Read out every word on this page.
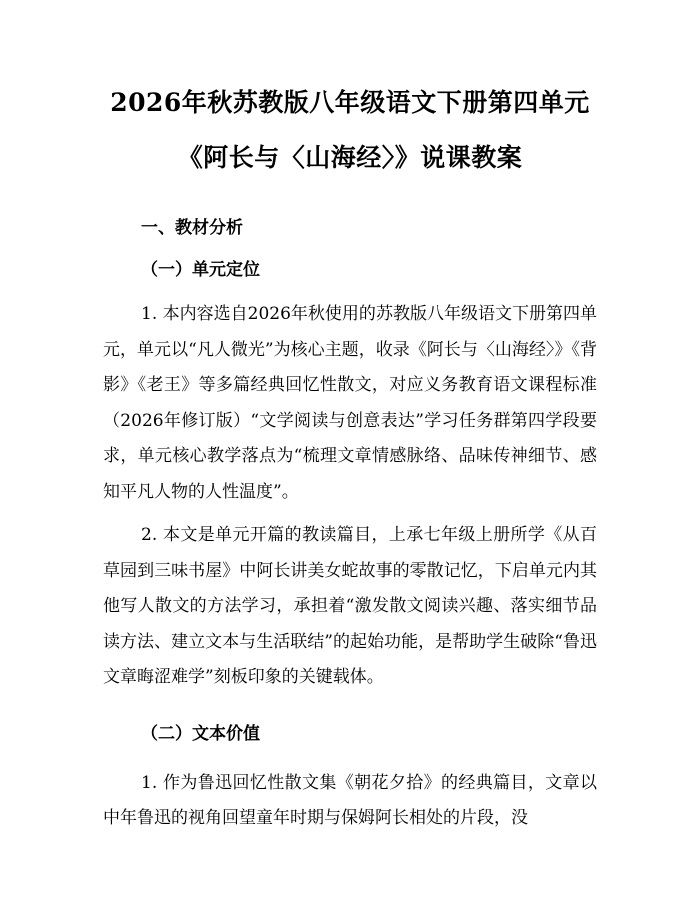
2026年秋苏教版八年级语文下册第四单元
《阿长与〈山海经〉》说课教案
一、教材分析
（一）单元定位

1. 本内容选自2026年秋使用的苏教版八年级语文下册第四单元，单元以“凡人微光”为核心主题，收录《阿长与〈山海经〉》《背影》《老王》等多篇经典回忆性散文，对应义务教育语文课程标准（2026年修订版）“文学阅读与创意表达”学习任务群第四学段要求，单元核心教学落点为“梳理文章情感脉络、品味传神细节、感知平凡人物的人性温度”。

2. 本文是单元开篇的教读篇目，上承七年级上册所学《从百草园到三味书屋》中阿长讲美女蛇故事的零散记忆，下启单元内其他写人散文的方法学习，承担着“激发散文阅读兴趣、落实细节品读方法、建立文本与生活联结”的起始功能，是帮助学生破除“鲁迅文章晦涩难学”刻板印象的关键载体。

（二）文本价值

1. 作为鲁迅回忆性散文集《朝花夕拾》的经典篇目，文章以中年鲁迅的视角回望童年时期与保姆阿长相处的片段，没
